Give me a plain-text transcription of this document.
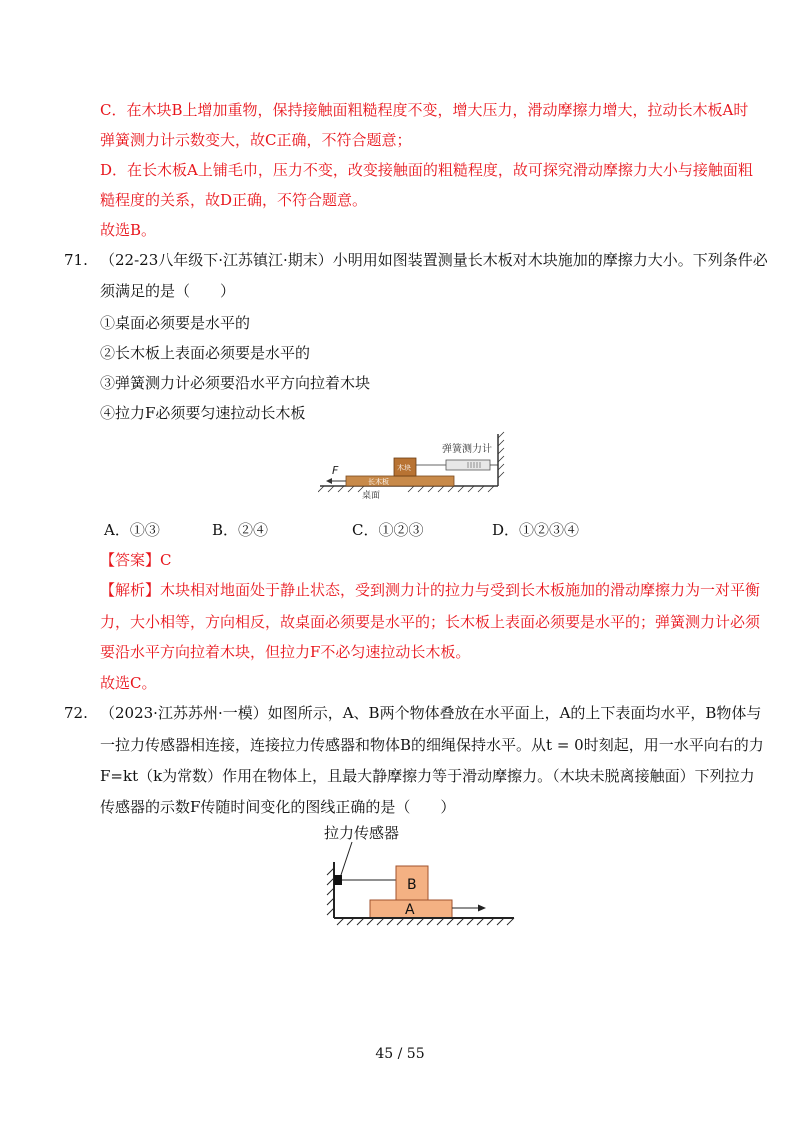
C．在木块B上增加重物，保持接触面粗糙程度不变，增大压力，滑动摩擦力增大，拉动长木板A时
弹簧测力计示数变大，故C正确，不符合题意；
D．在长木板A上铺毛巾，压力不变，改变接触面的粗糙程度，故可探究滑动摩擦力大小与接触面粗
糙程度的关系，故D正确，不符合题意。
故选B。
71. （22-23八年级下·江苏镇江·期末）小明用如图装置测量长木板对木块施加的摩擦力大小。下列条件必
须满足的是（　　）
①桌面必须要是水平的
②长木板上表面必须要是水平的
③弹簧测力计必须要沿水平方向拉着木块
④拉力F必须要匀速拉动长木板
长木板
木块
弹簧测力计
F
桌面
A．①③	B．②④	C．①②③	D．①②③④
【答案】C
【解析】木块相对地面处于静止状态，受到测力计的拉力与受到长木板施加的滑动摩擦力为一对平衡
力，大小相等，方向相反，故桌面必须要是水平的；长木板上表面必须要是水平的；弹簧测力计必须
要沿水平方向拉着木块，但拉力F不必匀速拉动长木板。
故选C。
72. （2023·江苏苏州·一模）如图所示，A、B两个物体叠放在水平面上，A的上下表面均水平，B物体与
一拉力传感器相连接，连接拉力传感器和物体B的细绳保持水平。从t = 0时刻起，用一水平向右的力
F=kt（k为常数）作用在物体上，且最大静摩擦力等于滑动摩擦力。（木块未脱离接触面）下列拉力
传感器的示数F传随时间变化的图线正确的是（　　）
拉力传感器
B
A
45 / 55
